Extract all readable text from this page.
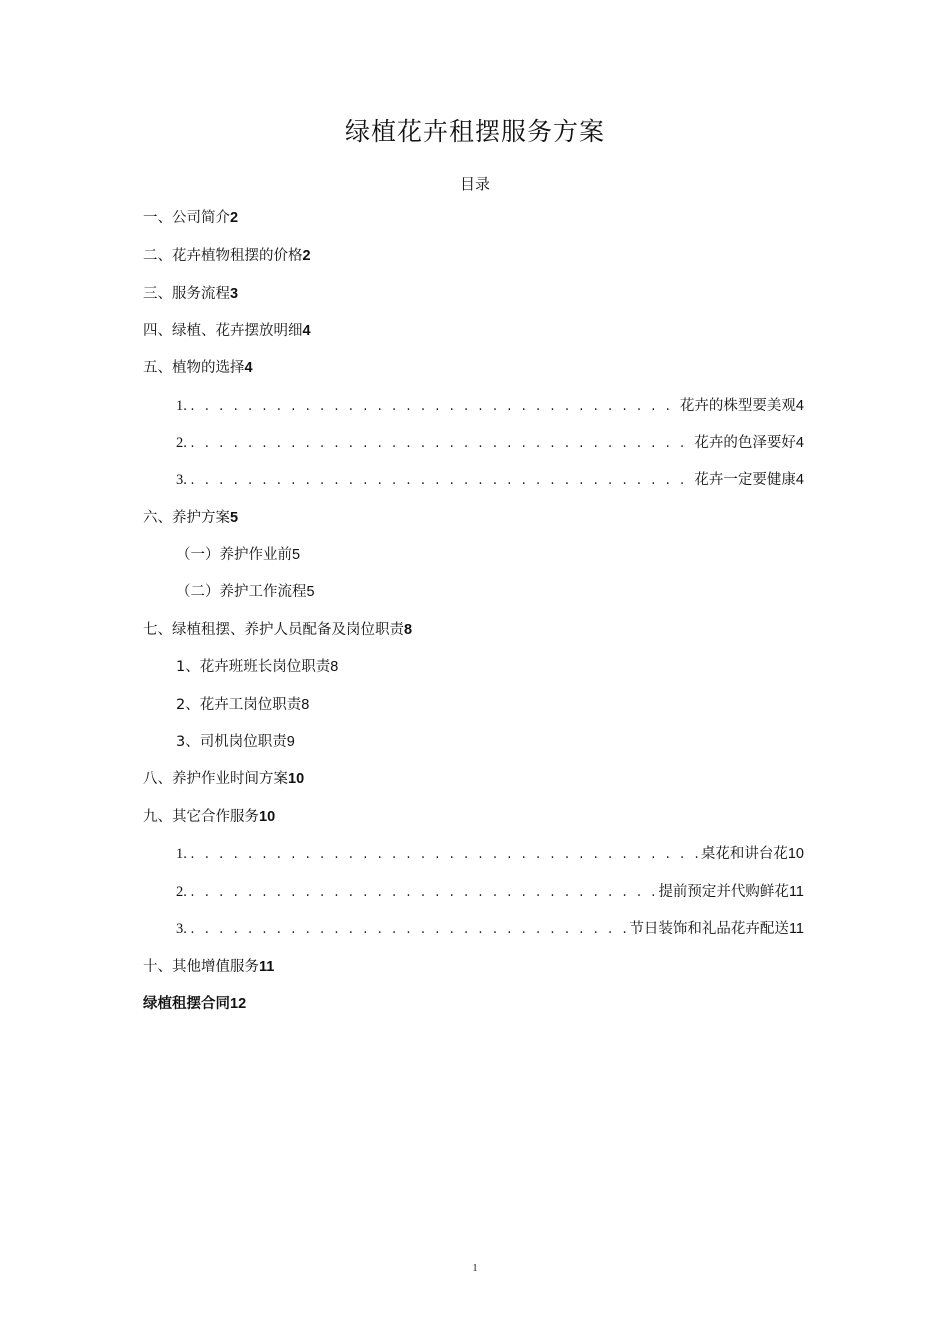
绿植花卉租摆服务方案
目录
一、公司简介2
二、花卉植物租摆的价格2
三、服务流程3
四、绿植、花卉摆放明细4
五、植物的选择4
1. . . .	花卉的株型要美观4
2. . . .	花卉的色泽要好4
3. . . .	花卉一定要健康4
六、养护方案5
（一）养护作业前5
（二）养护工作流程5
七、绿植租摆、养护人员配备及岗位职责8
1、花卉班班长岗位职责8
2、花卉工岗位职责8
3、司机岗位职责9
八、养护作业时间方案10
九、其它合作服务10
1. . . .	桌花和讲台花10
2. . . .	提前预定并代购鲜花11
3. . . .	节日装饰和礼品花卉配送11
十、其他增值服务11
绿植租摆合同12
1
